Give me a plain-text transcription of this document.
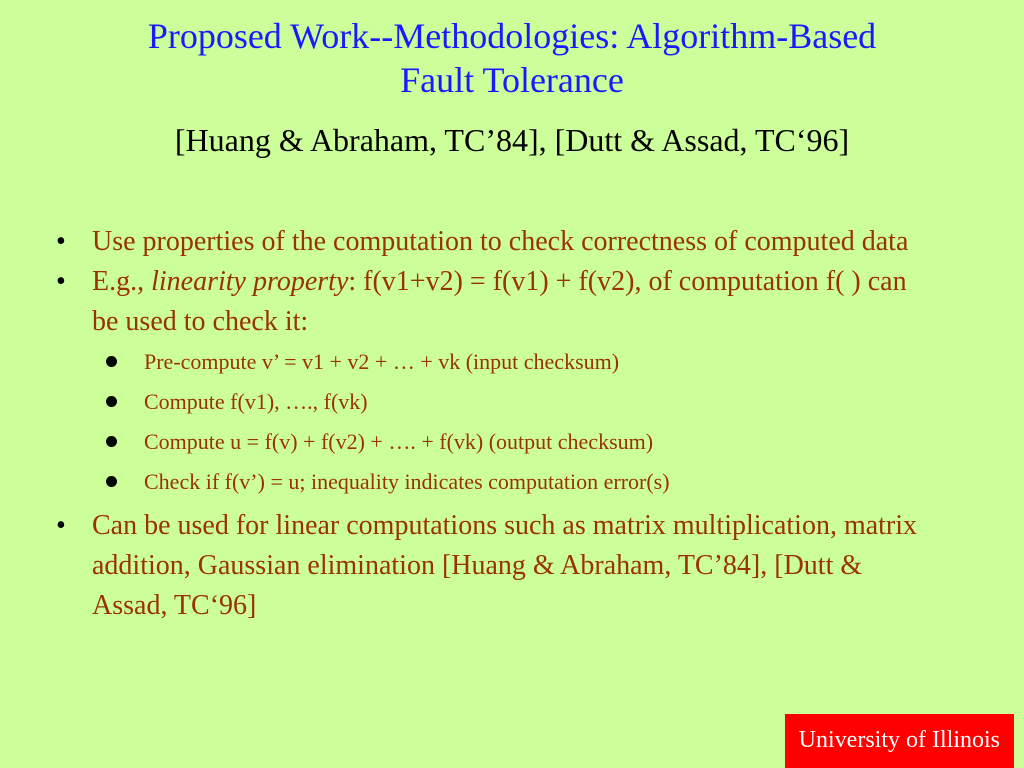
Proposed Work--Methodologies: Algorithm-Based
Fault Tolerance
[Huang & Abraham, TC’84], [Dutt & Assad, TC‘96]
• Use properties of the computation to check correctness of computed data
• E.g., linearity property: f(v1+v2) = f(v1) + f(v2), of computation f( ) can be used to check it:
Pre-compute v’ = v1 + v2 + … + vk (input checksum)
Compute f(v1), …., f(vk)
Compute u = f(v) + f(v2) + …. + f(vk) (output checksum)
Check if f(v’) = u; inequality indicates computation error(s)
• Can be used for linear computations such as matrix multiplication, matrix addition, Gaussian elimination [Huang & Abraham, TC’84], [Dutt & Assad, TC‘96]
University of Illinois
